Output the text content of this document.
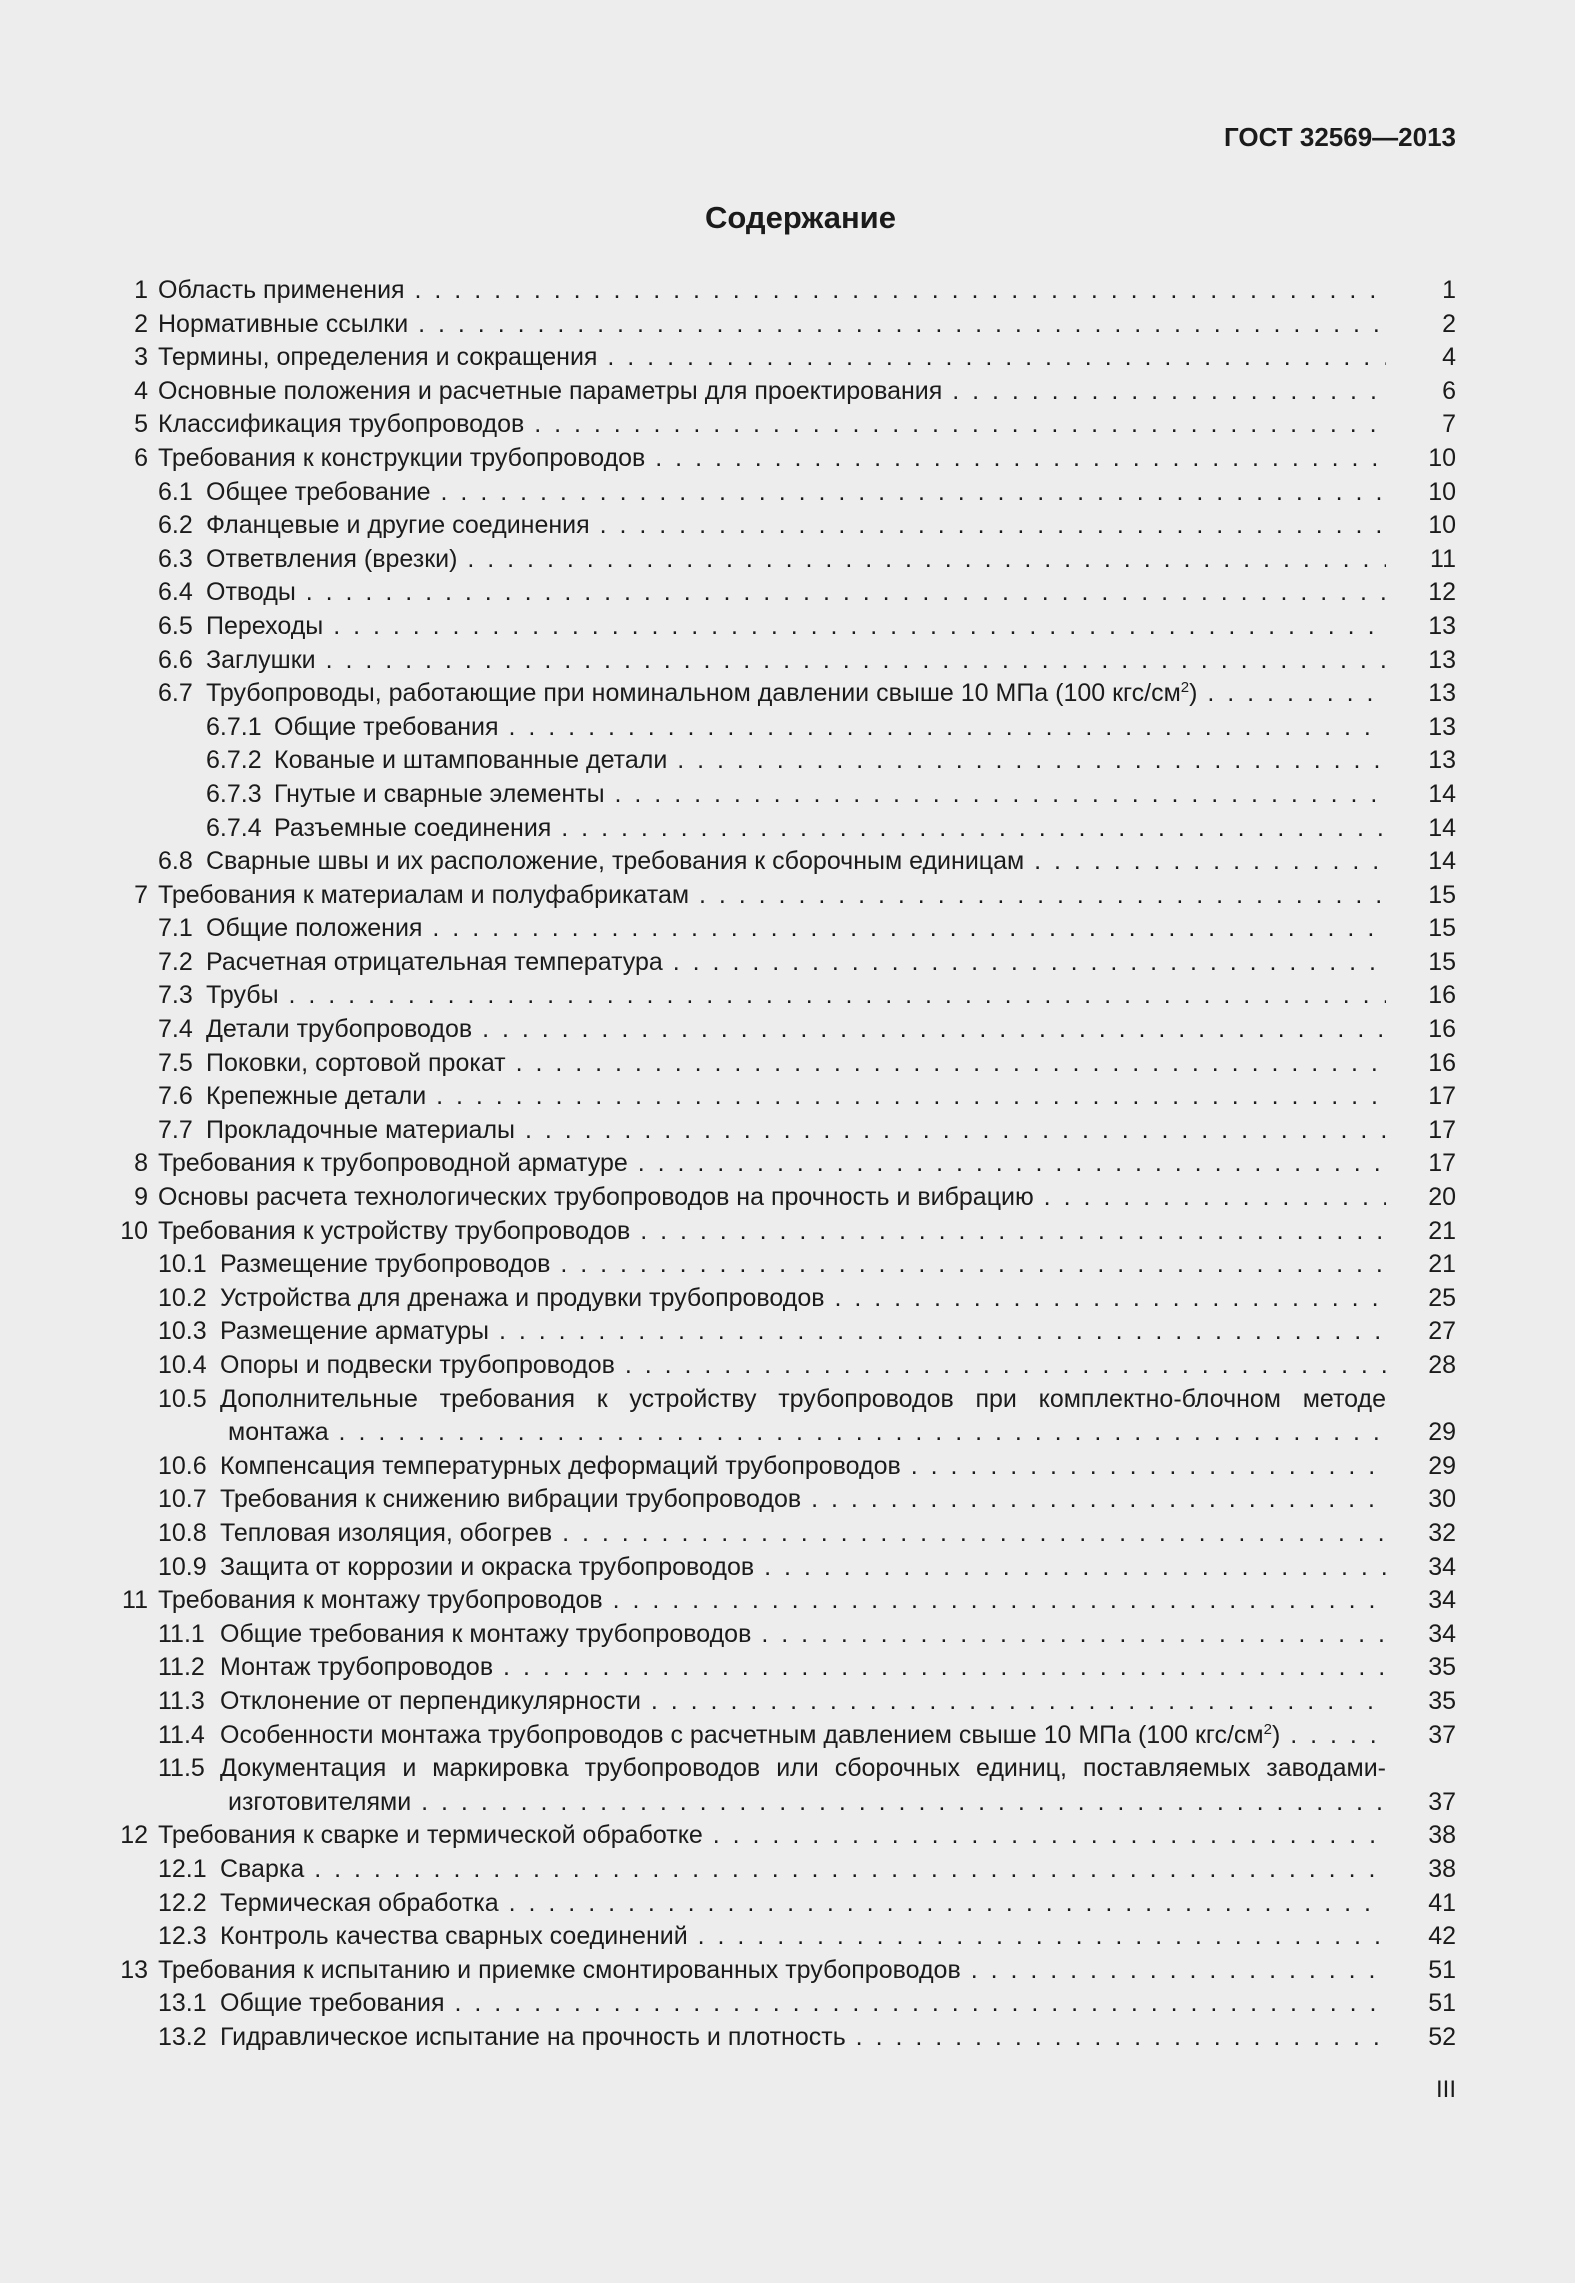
ГОСТ 32569—2013
Содержание
1 Область применения . . .	1
2 Нормативные ссылки . . .	2
3 Термины, определения и сокращения . . .	4
4 Основные положения и расчетные параметры для проектирования . . .	6
5 Классификация трубопроводов . . .	7
6 Требования к конструкции трубопроводов . . .	10
6.1 Общее требование . . .	10
6.2 Фланцевые и другие соединения . . .	10
6.3 Ответвления (врезки) . . .	11
6.4 Отводы . . .	12
6.5 Переходы . . .	13
6.6 Заглушки . . .	13
6.7 Трубопроводы, работающие при номинальном давлении свыше 10 МПа (100 кгс/$см^2$) . . .	13
6.7.1 Общие требования . . .	13
6.7.2 Кованые и штампованные детали . . .	13
6.7.3 Гнутые и сварные элементы . . .	14
6.7.4 Разъемные соединения . . .	14
6.8 Сварные швы и их расположение, требования к сборочным единицам . . .	14
7 Требования к материалам и полуфабрикатам . . .	15
7.1 Общие положения . . .	15
7.2 Расчетная отрицательная температура . . .	15
7.3 Трубы . . .	16
7.4 Детали трубопроводов . . .	16
7.5 Поковки, сортовой прокат . . .	16
7.6 Крепежные детали . . .	17
7.7 Прокладочные материалы . . .	17
8 Требования к трубопроводной арматуре . . .	17
9 Основы расчета технологических трубопроводов на прочность и вибрацию . . .	20
10 Требования к устройству трубопроводов . . .	21
10.1 Размещение трубопроводов . . .	21
10.2 Устройства для дренажа и продувки трубопроводов . . .	25
10.3 Размещение арматуры . . .	27
10.4 Опоры и подвески трубопроводов . . .	28
10.5 Дополнительные требования к устройству трубопроводов при комплектно-блочном методе
монтажа . . .	29
10.6 Компенсация температурных деформаций трубопроводов . . .	29
10.7 Требования к снижению вибрации трубопроводов . . .	30
10.8 Тепловая изоляция, обогрев . . .	32
10.9 Защита от коррозии и окраска трубопроводов . . .	34
11 Требования к монтажу трубопроводов . . .	34
11.1 Общие требования к монтажу трубопроводов . . .	34
11.2 Монтаж трубопроводов . . .	35
11.3 Отклонение от перпендикулярности . . .	35
11.4 Особенности монтажа трубопроводов с расчетным давлением свыше 10 МПа (100 кгс/$см^2$) . . .	37
11.5 Документация и маркировка трубопроводов или сборочных единиц, поставляемых заводами-
изготовителями . . .	37
12 Требования к сварке и термической обработке . . .	38
12.1 Сварка . . .	38
12.2 Термическая обработка . . .	41
12.3 Контроль качества сварных соединений . . .	42
13 Требования к испытанию и приемке смонтированных трубопроводов . . .	51
13.1 Общие требования . . .	51
13.2 Гидравлическое испытание на прочность и плотность . . .	52
III
